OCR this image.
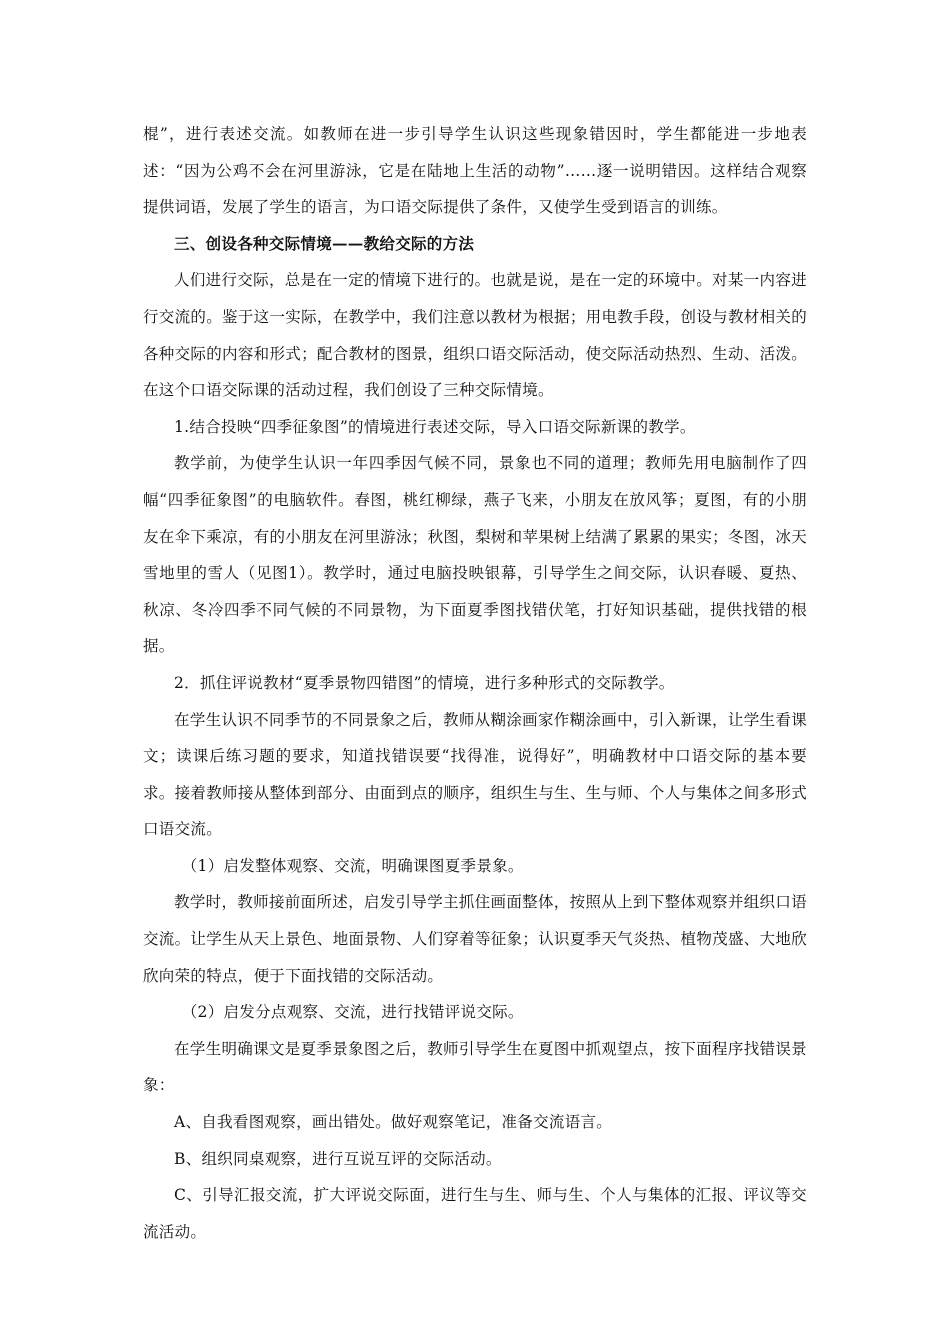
棍”，进行表述交流。如教师在进一步引导学生认识这些现象错因时，学生都能进一步地表述：“因为公鸡不会在河里游泳，它是在陆地上生活的动物”……逐一说明错因。这样结合观察提供词语，发展了学生的语言，为口语交际提供了条件，又使学生受到语言的训练。

三、创设各种交际情境——教给交际的方法

人们进行交际，总是在一定的情境下进行的。也就是说，是在一定的环境中。对某一内容进行交流的。鉴于这一实际，在教学中，我们注意以教材为根据；用电教手段，创设与教材相关的各种交际的内容和形式；配合教材的图景，组织口语交际活动，使交际活动热烈、生动、活泼。在这个口语交际课的活动过程，我们创设了三种交际情境。

1.结合投映“四季征象图”的情境进行表述交际，导入口语交际新课的教学。

教学前，为使学生认识一年四季因气候不同，景象也不同的道理；教师先用电脑制作了四幅“四季征象图”的电脑软件。春图，桃红柳绿，燕子飞来，小朋友在放风筝；夏图，有的小朋友在伞下乘凉，有的小朋友在河里游泳；秋图，梨树和苹果树上结满了累累的果实；冬图，冰天雪地里的雪人（见图1）。教学时，通过电脑投映银幕，引导学生之间交际，认识春暖、夏热、秋凉、冬冷四季不同气候的不同景物，为下面夏季图找错伏笔，打好知识基础，提供找错的根据。

2．抓住评说教材“夏季景物四错图”的情境，进行多种形式的交际教学。

在学生认识不同季节的不同景象之后，教师从糊涂画家作糊涂画中，引入新课，让学生看课文；读课后练习题的要求，知道找错误要“找得准，说得好”，明确教材中口语交际的基本要求。接着教师接从整体到部分、由面到点的顺序，组织生与生、生与师、个人与集体之间多形式口语交流。

（1）启发整体观察、交流，明确课图夏季景象。

教学时，教师接前面所述，启发引导学主抓住画面整体，按照从上到下整体观察并组织口语交流。让学生从天上景色、地面景物、人们穿着等征象；认识夏季天气炎热、植物茂盛、大地欣欣向荣的特点，便于下面找错的交际活动。

（2）启发分点观察、交流，进行找错评说交际。

在学生明确课文是夏季景象图之后，教师引导学生在夏图中抓观望点，按下面程序找错误景象：

A、自我看图观察，画出错处。做好观察笔记，准备交流语言。

B、组织同桌观察，进行互说互评的交际活动。

C、引导汇报交流，扩大评说交际面，进行生与生、师与生、个人与集体的汇报、评议等交流活动。
